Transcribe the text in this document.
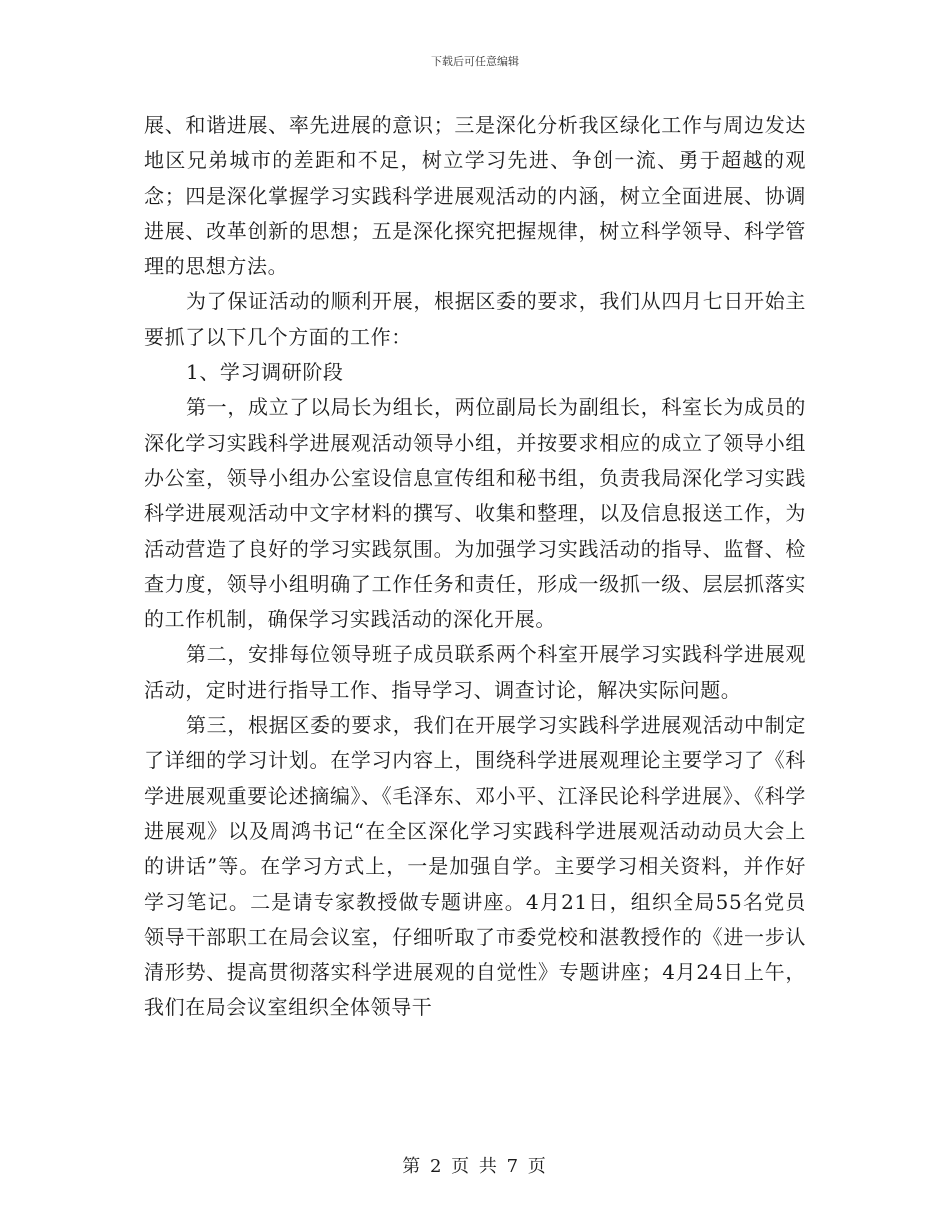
下载后可任意编辑

展、和谐进展、率先进展的意识；三是深化分析我区绿化工作与周边发达地区兄弟城市的差距和不足，树立学习先进、争创一流、勇于超越的观念；四是深化掌握学习实践科学进展观活动的内涵，树立全面进展、协调进展、改革创新的思想；五是深化探究把握规律，树立科学领导、科学管理的思想方法。

为了保证活动的顺利开展，根据区委的要求，我们从四月七日开始主要抓了以下几个方面的工作：

1、学习调研阶段

第一，成立了以局长为组长，两位副局长为副组长，科室长为成员的深化学习实践科学进展观活动领导小组，并按要求相应的成立了领导小组办公室，领导小组办公室设信息宣传组和秘书组，负责我局深化学习实践科学进展观活动中文字材料的撰写、收集和整理，以及信息报送工作，为活动营造了良好的学习实践氛围。为加强学习实践活动的指导、监督、检查力度，领导小组明确了工作任务和责任，形成一级抓一级、层层抓落实的工作机制，确保学习实践活动的深化开展。

第二，安排每位领导班子成员联系两个科室开展学习实践科学进展观活动，定时进行指导工作、指导学习、调查讨论，解决实际问题。

第三，根据区委的要求，我们在开展学习实践科学进展观活动中制定了详细的学习计划。在学习内容上，围绕科学进展观理论主要学习了《科学进展观重要论述摘编》、《毛泽东、邓小平、江泽民论科学进展》、《科学进展观》以及周鸿书记“在全区深化学习实践科学进展观活动动员大会上的讲话”等。在学习方式上，一是加强自学。主要学习相关资料，并作好学习笔记。二是请专家教授做专题讲座。4月21日，组织全局55名党员领导干部职工在局会议室，仔细听取了市委党校和湛教授作的《进一步认清形势、提高贯彻落实科学进展观的自觉性》专题讲座；4月24日上午，我们在局会议室组织全体领导干

第 2 页 共 7 页
